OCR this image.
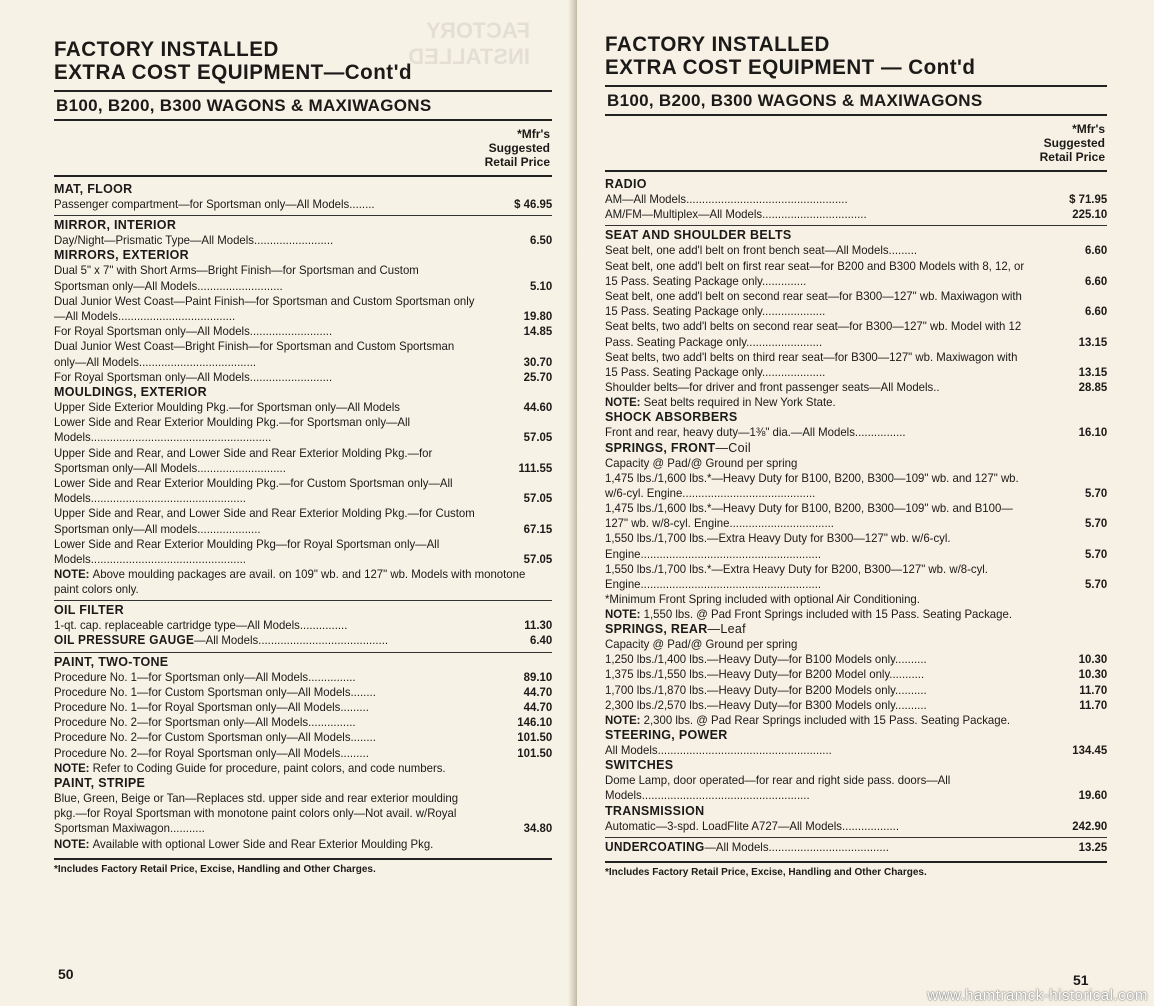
FACTORY INSTALLED
FACTORY INSTALLED
EXTRA COST EQUIPMENT—Cont'd
B100, B200, B300 WAGONS & MAXIWAGONS
*Mfr's
Suggested
Retail Price
MAT, FLOOR
Passenger compartment—for Sportsman only—All Models........	$ 46.95
MIRROR, INTERIOR
Day/Night—Prismatic Type—All Models.........................	6.50
MIRRORS, EXTERIOR
Dual 5" x 7" with Short Arms—Bright Finish—for Sportsman and Custom Sportsman only—All Models...........................	5.10
Dual Junior West Coast—Paint Finish—for Sportsman and Custom Sportsman only—All Models.....................................	19.80
For Royal Sportsman only—All Models..........................	14.85
Dual Junior West Coast—Bright Finish—for Sportsman and Custom Sportsman only—All Models.....................................	30.70
For Royal Sportsman only—All Models..........................	25.70
MOULDINGS, EXTERIOR
Upper Side Exterior Moulding Pkg.—for Sportsman only—All Models	44.60
Lower Side and Rear Exterior Moulding Pkg.—for Sportsman only—All Models.........................................................	57.05
Upper Side and Rear, and Lower Side and Rear Exterior Molding Pkg.—for Sportsman only—All Models............................	111.55
Lower Side and Rear Exterior Moulding Pkg.—for Custom Sportsman only—All Models.................................................	57.05
Upper Side and Rear, and Lower Side and Rear Exterior Molding Pkg.—for Custom Sportsman only—All models....................	67.15
Lower Side and Rear Exterior Moulding Pkg—for Royal Sportsman only—All Models.................................................	57.05
NOTE: Above moulding packages are avail. on 109" wb. and 127" wb. Models with monotone paint colors only.
OIL FILTER
1-qt. cap. replaceable cartridge type—All Models...............	11.30
OIL PRESSURE GAUGE—All Models.........................................	6.40
PAINT, TWO-TONE
Procedure No. 1—for Sportsman only—All Models...............	89.10
Procedure No. 1—for Custom Sportsman only—All Models........	44.70
Procedure No. 1—for Royal Sportsman only—All Models.........	44.70
Procedure No. 2—for Sportsman only—All Models...............	146.10
Procedure No. 2—for Custom Sportsman only—All Models........	101.50
Procedure No. 2—for Royal Sportsman only—All Models.........	101.50
NOTE: Refer to Coding Guide for procedure, paint colors, and code numbers.
PAINT, STRIPE
Blue, Green, Beige or Tan—Replaces std. upper side and rear exterior moulding pkg.—for Royal Sportsman with monotone paint colors only—Not avail. w/Royal Sportsman Maxiwagon...........	34.80
NOTE: Available with optional Lower Side and Rear Exterior Moulding Pkg.
*Includes Factory Retail Price, Excise, Handling and Other Charges.
50
FACTORY INSTALLED
EXTRA COST EQUIPMENT — Cont'd
B100, B200, B300 WAGONS & MAXIWAGONS
*Mfr's
Suggested
Retail Price
RADIO
AM—All Models...................................................	$ 71.95
AM/FM—Multiplex—All Models.................................	225.10
SEAT AND SHOULDER BELTS
Seat belt, one add'l belt on front bench seat—All Models.........	6.60
Seat belt, one add'l belt on first rear seat—for B200 and B300 Models with 8, 12, or 15 Pass. Seating Package only..............	6.60
Seat belt, one add'l belt on second rear seat—for B300—127" wb. Maxiwagon with 15 Pass. Seating Package only....................	6.60
Seat belts, two add'l belts on second rear seat—for B300—127" wb. Model with 12 Pass. Seating Package only........................	13.15
Seat belts, two add'l belts on third rear seat—for B300—127" wb. Maxiwagon with 15 Pass. Seating Package only....................	13.15
Shoulder belts—for driver and front passenger seats—All Models..	28.85
NOTE: Seat belts required in New York State.
SHOCK ABSORBERS
Front and rear, heavy duty—1⅜" dia.—All Models................	16.10
SPRINGS, FRONT—Coil
Capacity @ Pad/@ Ground per spring
1,475 lbs./1,600 lbs.*—Heavy Duty for B100, B200, B300—109" wb. and 127" wb. w/6-cyl. Engine..........................................	5.70
1,475 lbs./1,600 lbs.*—Heavy Duty for B100, B200, B300—109" wb. and B100—127" wb. w/8-cyl. Engine.................................	5.70
1,550 lbs./1,700 lbs.—Extra Heavy Duty for B300—127" wb. w/6-cyl. Engine.........................................................	5.70
1,550 lbs./1,700 lbs.*—Extra Heavy Duty for B200, B300—127" wb. w/8-cyl. Engine.........................................................	5.70
*Minimum Front Spring included with optional Air Conditioning.
NOTE: 1,550 lbs. @ Pad Front Springs included with 15 Pass. Seating Package.
SPRINGS, REAR—Leaf
Capacity @ Pad/@ Ground per spring
1,250 lbs./1,400 lbs.—Heavy Duty—for B100 Models only..........	10.30
1,375 lbs./1,550 lbs.—Heavy Duty—for B200 Model only...........	10.30
1,700 lbs./1,870 lbs.—Heavy Duty—for B200 Models only..........	11.70
2,300 lbs./2,570 lbs.—Heavy Duty—for B300 Models only..........	11.70
NOTE: 2,300 lbs. @ Pad Rear Springs included with 15 Pass. Seating Package.
STEERING, POWER
All Models.......................................................	134.45
SWITCHES
Dome Lamp, door operated—for rear and right side pass. doors—All Models.....................................................	19.60
TRANSMISSION
Automatic—3-spd. LoadFlite A727—All Models..................	242.90
UNDERCOATING—All Models......................................	13.25
*Includes Factory Retail Price, Excise, Handling and Other Charges.
51
www.hamtramck-historical.com
